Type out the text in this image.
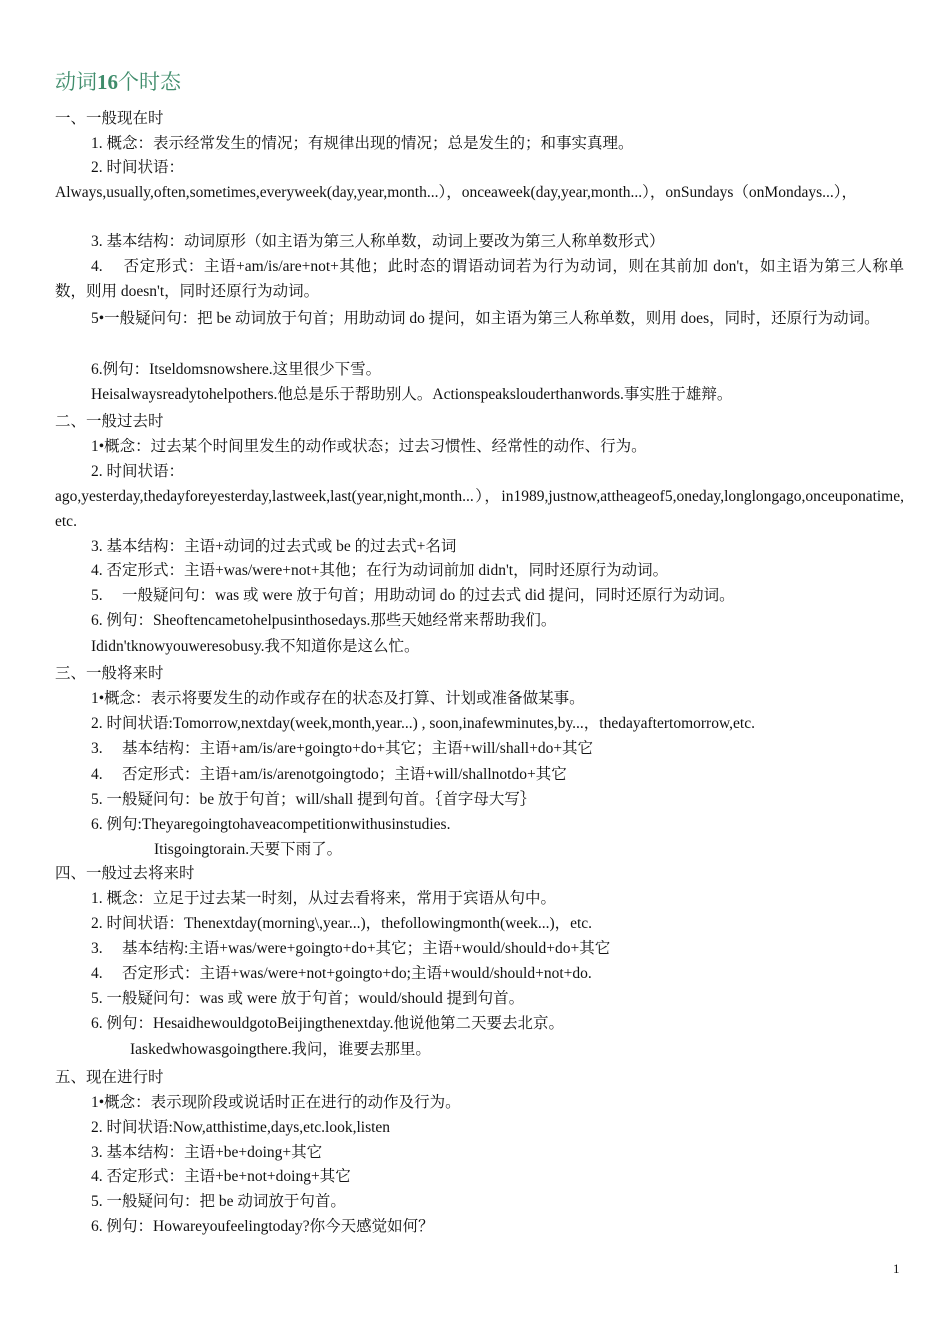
动词16个时态
一、一般现在时
1. 概念：表示经常发生的情况；有规律出现的情况；总是发生的；和事实真理。
2. 时间状语：
Always,usually,often,sometimes,everyweek(day,year,month...），onceaweek(day,year,month...），onSundays（onMondays...），
3. 基本结构：动词原形（如主语为第三人称单数，动词上要改为第三人称单数形式）
4.　 否定形式：主语+am/is/are+not+其他；此时态的谓语动词若为行为动词，则在其前加 don't，如主语为第三人称单数，则用 doesn't，同时还原行为动词。
5•一般疑问句：把 be 动词放于句首；用助动词 do 提问，如主语为第三人称单数，则用 does，同时，还原行为动词。
6.例句：Itseldomsnowshere.这里很少下雪。
Heisalwaysreadytohelpothers.他总是乐于帮助别人。Actionspeakslouderthanwords.事实胜于雄辩。
二、一般过去时
1•概念：过去某个时间里发生的动作或状态；过去习惯性、经常性的动作、行为。
2. 时间状语：
ago,yesterday,thedayforeyesterday,lastweek,last(year,night,month...），in1989,justnow,attheageof5,oneday,longlongago,onceuponatime,etc.
3. 基本结构：主语+动词的过去式或 be 的过去式+名词
4. 否定形式：主语+was/were+not+其他；在行为动词前加 didn't，同时还原行为动词。
5.　 一般疑问句：was 或 were 放于句首；用助动词 do 的过去式 did 提问，同时还原行为动词。
6. 例句：Sheoftencametohelpusinthosedays.那些天她经常来帮助我们。
Ididn'tknowyouweresobusy.我不知道你是这么忙。
三、一般将来时
1•概念：表示将要发生的动作或存在的状态及打算、计划或准备做某事。
2. 时间状语:Tomorrow,nextday(week,month,year...) , soon,inafewminutes,by...，thedayaftertomorrow,etc.
3.　 基本结构：主语+am/is/are+goingto+do+其它；主语+will/shall+do+其它
4.　 否定形式：主语+am/is/arenotgoingtodo；主语+will/shallnotdo+其它
5. 一般疑问句：be 放于句首；will/shall 提到句首。｛首字母大写｝
6. 例句:Theyaregoingtohaveacompetitionwithusinstudies.
Itisgoingtorain.天要下雨了。
四、一般过去将来时
1. 概念：立足于过去某一时刻，从过去看将来，常用于宾语从句中。
2. 时间状语：Thenextday(morning\,year...)，thefollowingmonth(week...)，etc.
3.　 基本结构:主语+was/were+goingto+do+其它；主语+would/should+do+其它
4.　 否定形式：主语+was/were+not+goingto+do;主语+would/should+not+do.
5. 一般疑问句：was 或 were 放于句首；would/should 提到句首。
6. 例句：HesaidhewouldgotoBeijingthenextday.他说他第二天要去北京。
Iaskedwhowasgoingthere.我问，谁要去那里。
五、现在进行时
1•概念：表示现阶段或说话时正在进行的动作及行为。
2. 时间状语:Now,atthistime,days,etc.look,listen
3. 基本结构：主语+be+doing+其它
4. 否定形式：主语+be+not+doing+其它
5. 一般疑问句：把 be 动词放于句首。
6. 例句：Howareyoufeelingtoday?你今天感觉如何？
1
